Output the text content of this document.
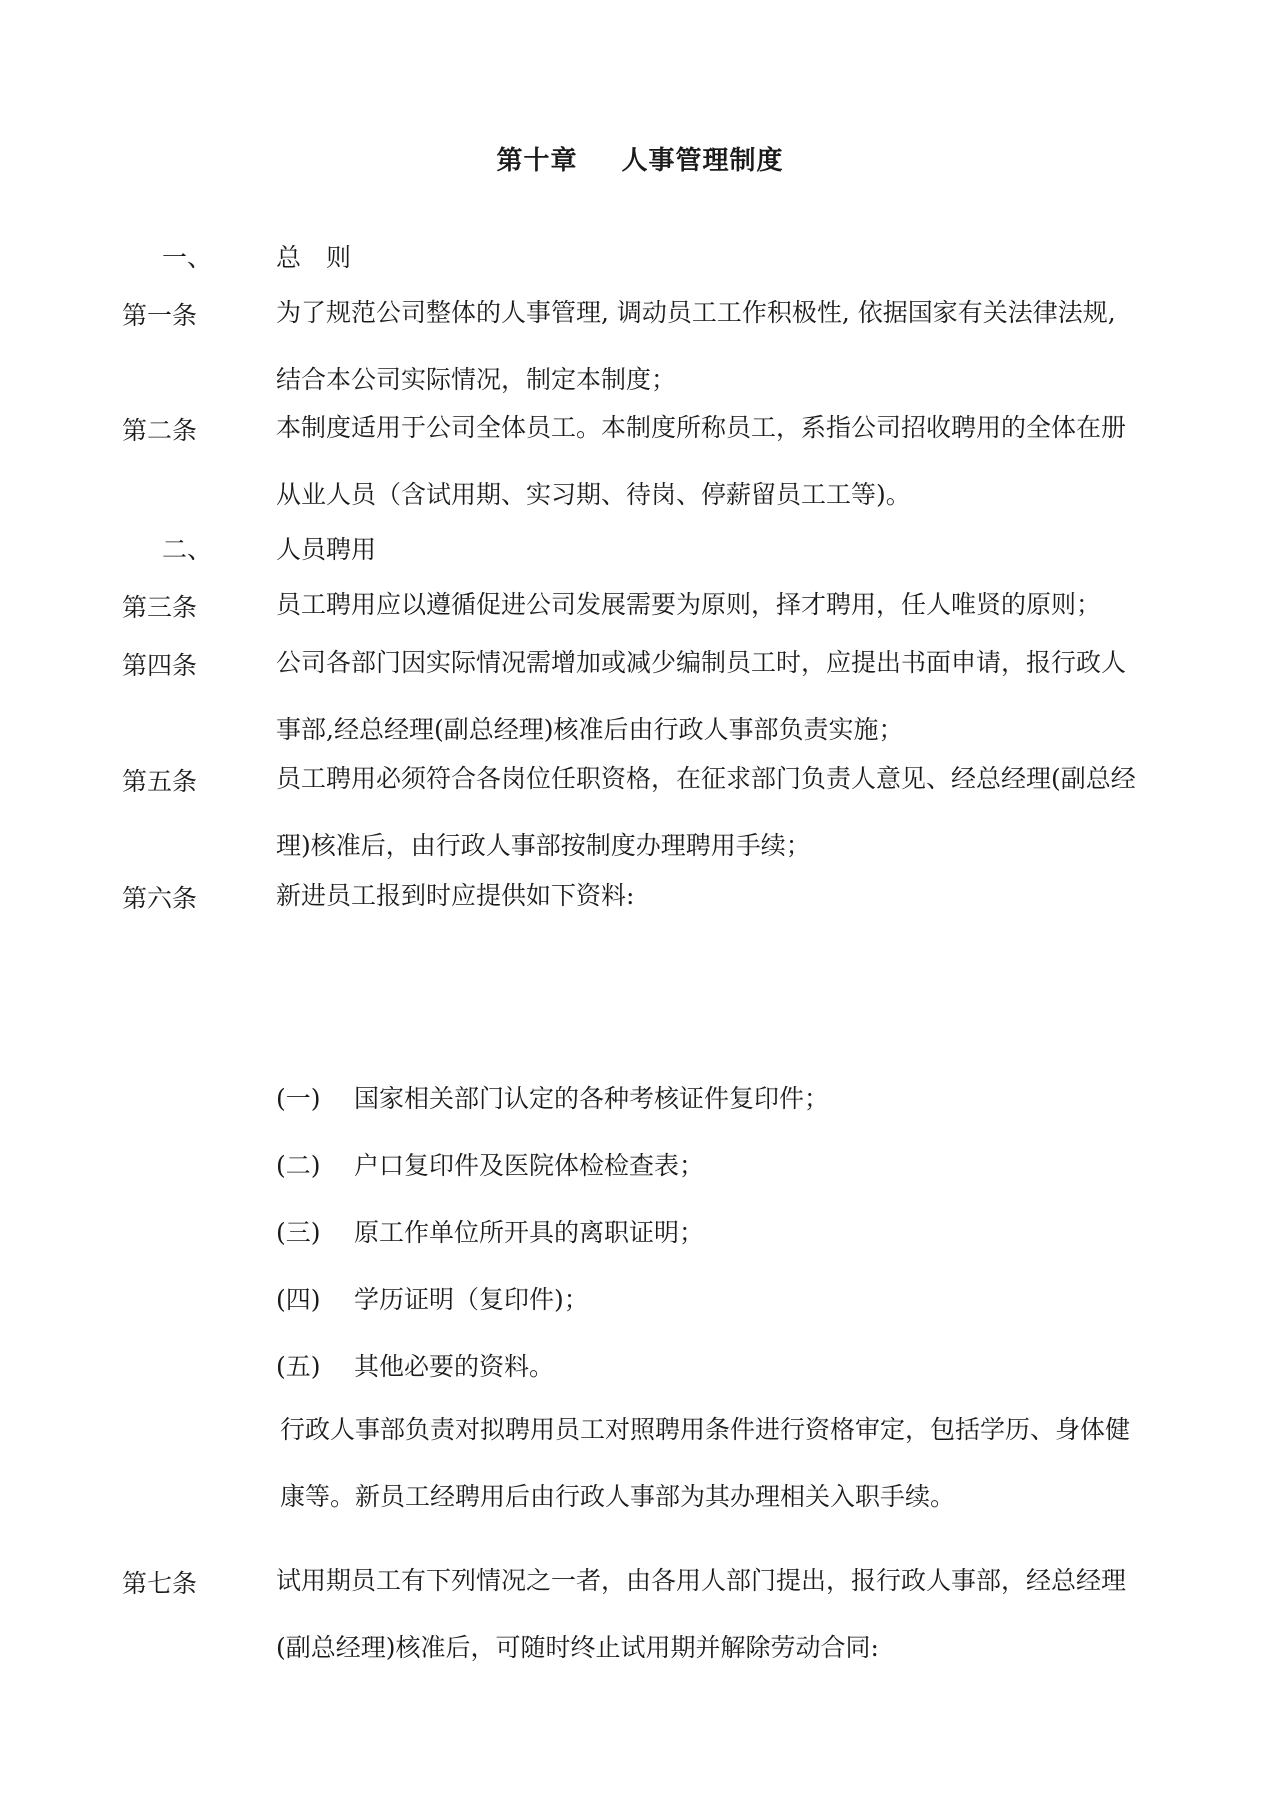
第十章 人事管理制度
一、	总　则
第一条	为了规范公司整体的人事管理, 调动员工工作积极性, 依据国家有关法律法规,
结合本公司实际情况，制定本制度；
第二条	本制度适用于公司全体员工。本制度所称员工，系指公司招收聘用的全体在册
从业人员（含试用期、实习期、待岗、停薪留员工工等)。
二、	人员聘用
第三条	员工聘用应以遵循促进公司发展需要为原则，择才聘用，任人唯贤的原则；
第四条	公司各部门因实际情况需增加或减少编制员工时，应提出书面申请，报行政人
事部,经总经理(副总经理)核准后由行政人事部负责实施；
第五条	员工聘用必须符合各岗位任职资格，在征求部门负责人意见、经总经理(副总经
理)核准后，由行政人事部按制度办理聘用手续；
第六条	新进员工报到时应提供如下资料:
(一) 国家相关部门认定的各种考核证件复印件；
(二) 户口复印件及医院体检检查表；
(三) 原工作单位所开具的离职证明；
(四) 学历证明（复印件)；
(五) 其他必要的资料。
行政人事部负责对拟聘用员工对照聘用条件进行资格审定，包括学历、身体健
康等。新员工经聘用后由行政人事部为其办理相关入职手续。
第七条	试用期员工有下列情况之一者，由各用人部门提出，报行政人事部，经总经理
(副总经理)核准后，可随时终止试用期并解除劳动合同:
